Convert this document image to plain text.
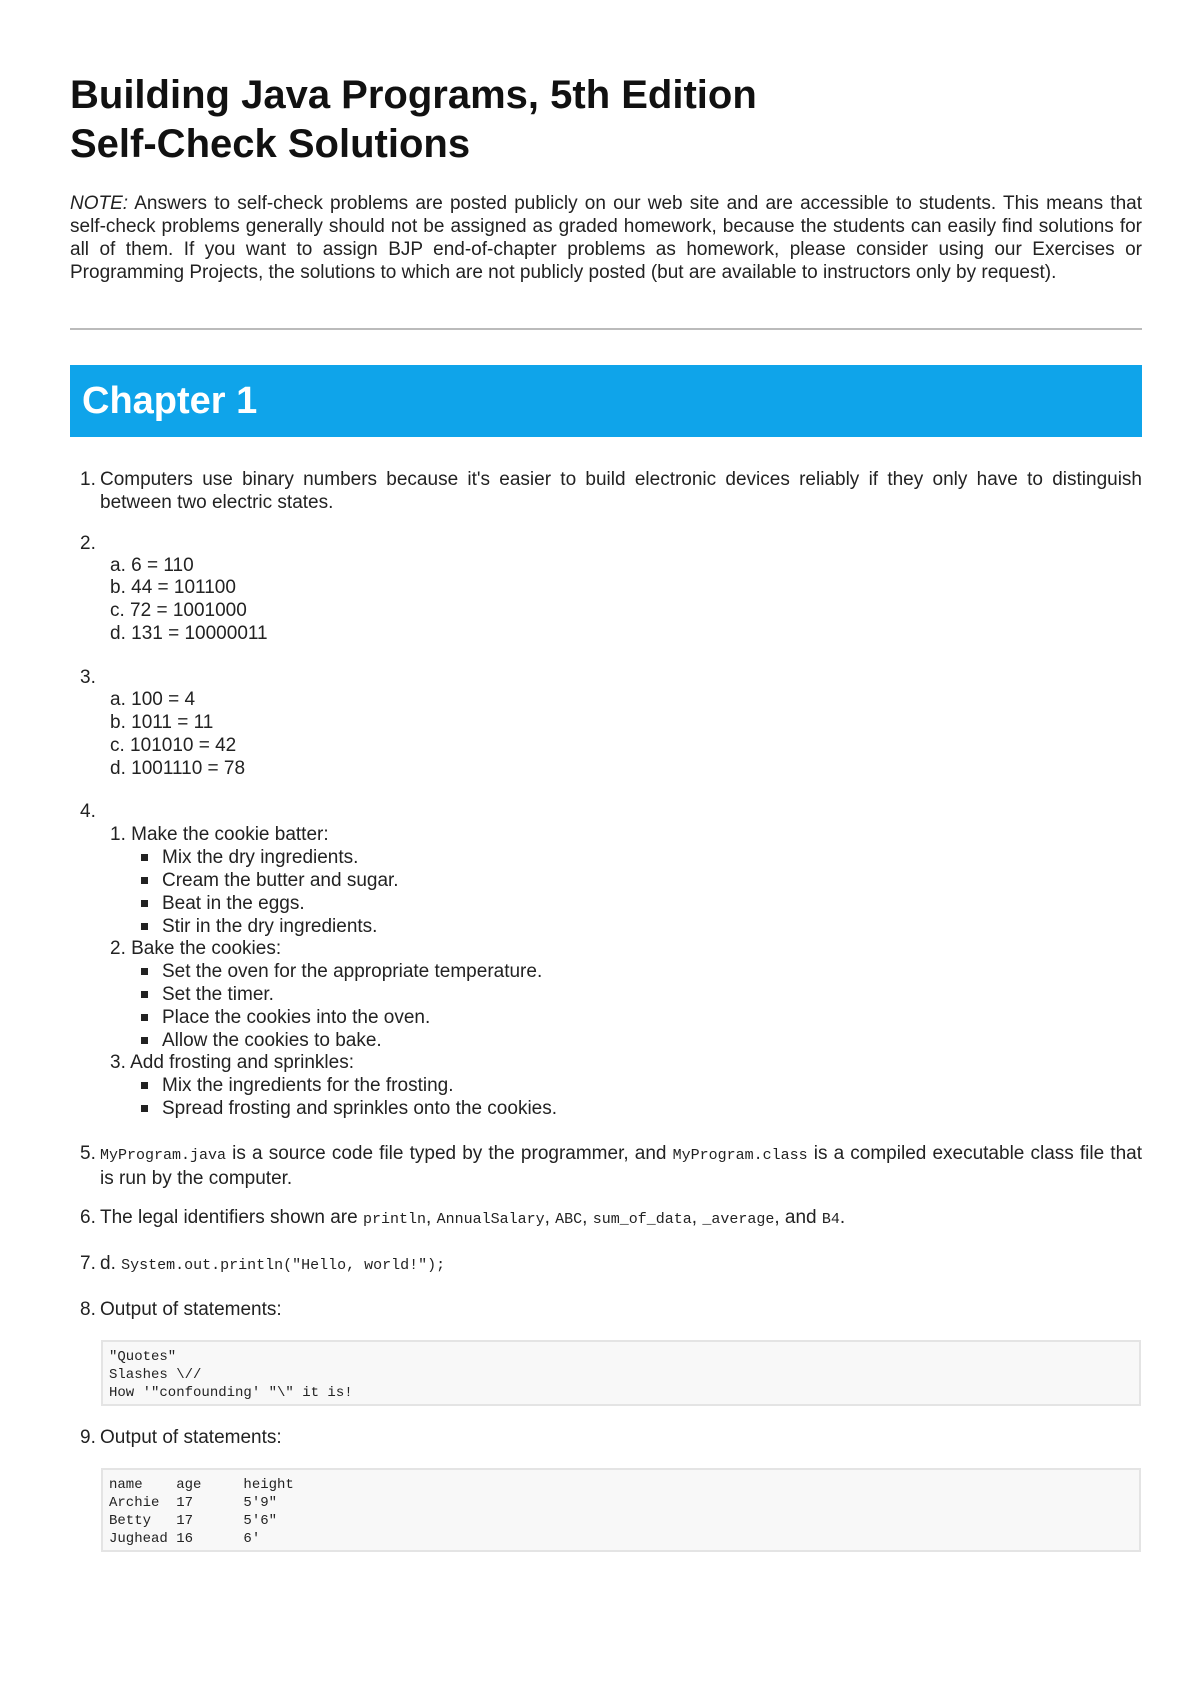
Building Java Programs, 5th Edition
Self-Check Solutions

NOTE: Answers to self-check problems are posted publicly on our web site and are accessible to students. This means that self-check problems generally should not be assigned as graded homework, because the students can easily find solutions for all of them. If you want to assign BJP end-of-chapter problems as homework, please consider using our Exercises or Programming Projects, the solutions to which are not publicly posted (but are available to instructors only by request).

Chapter 1
1. Computers use binary numbers because it's easier to build electronic devices reliably if they only have to distinguish between two electric states.
2.
a. 6 = 110
b. 44 = 101100
c. 72 = 1001000
d. 131 = 10000011
3.
a. 100 = 4
b. 1011 = 11
c. 101010 = 42
d. 1001110 = 78
4.
1. Make the cookie batter:
Mix the dry ingredients.
Cream the butter and sugar.
Beat in the eggs.
Stir in the dry ingredients.
2. Bake the cookies:
Set the oven for the appropriate temperature.
Set the timer.
Place the cookies into the oven.
Allow the cookies to bake.
3. Add frosting and sprinkles:
Mix the ingredients for the frosting.
Spread frosting and sprinkles onto the cookies.
5. MyProgram.java is a source code file typed by the programmer, and MyProgram.class is a compiled executable class file that is run by the computer.
6. The legal identifiers shown are println, AnnualSalary, ABC, sum_of_data, _average, and B4.
7. d. System.out.println("Hello, world!");
8. Output of statements:
"Quotes"
Slashes \//
How '"confounding' "\" it is!
9. Output of statements:
name    age     height
Archie  17      5'9"
Betty   17      5'6"
Jughead 16      6'
